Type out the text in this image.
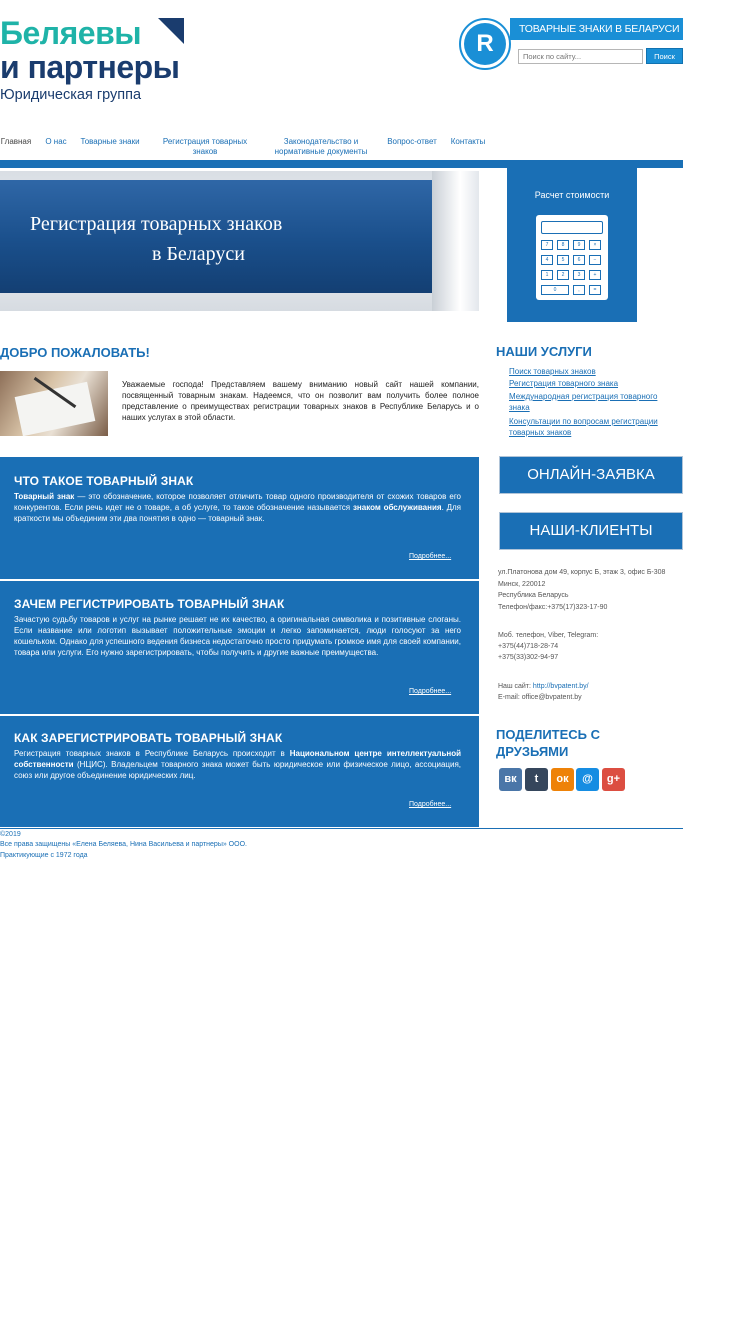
Беляевы
и партнеры
Юридическая группа
R
ТОВАРНЫЕ ЗНАКИ В БЕЛАРУСИ
Поиск по сайту...
Поиск
Главная	О нас	Товарные знаки	Регистрация товарных знаков
Законодательство и нормативные документы
Вопрос-ответ	Контакты
Регистрация товарных знаков
в Беларуси
Расчет стоимости
7	8	9	×
4	5	6	−
1	2	3	+
0	,	=
ДОБРО ПОЖАЛОВАТЬ!
Уважаемые господа! Представляем вашему вниманию новый сайт нашей компании, посвященный товарным знакам. Надеемся, что он позволит вам получить более полное представление о преимуществах регистрации товарных знаков в Республике Беларусь и о наших услугах в этой области.
ЧТО ТАКОЕ ТОВАРНЫЙ ЗНАК

Товарный знак — это обозначение, которое позволяет отличить товар одного производителя от схожих товаров его конкурентов. Если речь идет не о товаре, а об услуге, то такое обозначение называется знаком обслуживания. Для краткости мы объединим эти два понятия в одно — товарный знак.

Подробнее...
ЗАЧЕМ РЕГИСТРИРОВАТЬ ТОВАРНЫЙ ЗНАК

Зачастую судьбу товаров и услуг на рынке решает не их качество, а оригинальная символика и позитивные слоганы. Если название или логотип вызывает положительные эмоции и легко запоминается, люди голосуют за него кошельком. Однако для успешного ведения бизнеса недостаточно просто придумать громкое имя для своей компании, товара или услуги. Его нужно зарегистрировать, чтобы получить и другие важные преимущества.

Подробнее...
КАК ЗАРЕГИСТРИРОВАТЬ ТОВАРНЫЙ ЗНАК

Регистрация товарных знаков в Республике Беларусь происходит в Национальном центре интеллектуальной собственности (НЦИС). Владельцем товарного знака может быть юридическое или физическое лицо, ассоциация, союз или другое объединение юридических лиц.

Подробнее...
НАШИ УСЛУГИ
Поиск товарных знаков
Регистрация товарного знака
Международная регистрация товарного знака
Консультации по вопросам регистрации товарных знаков
ОНЛАЙН-ЗАЯВКА
НАШИ-КЛИЕНТЫ
ул.Платонова дом 49, корпус Б, этаж 3, офис Б-308
Минск, 220012
Республика Беларусь
Телефон/факс:+375(17)323-17-90
Моб. телефон, Viber, Telegram:
+375(44)718-28-74
+375(33)302-94-97
Наш сайт: http://bvpatent.by/
E-mail: office@bvpatent.by
ПОДЕЛИТЕСЬ С ДРУЗЬЯМИ
вк	t	ок	@	g+
©2019
Все права защищены «Елена Беляева, Нина Васильева и партнеры» ООО.
Практикующие с 1972 года
